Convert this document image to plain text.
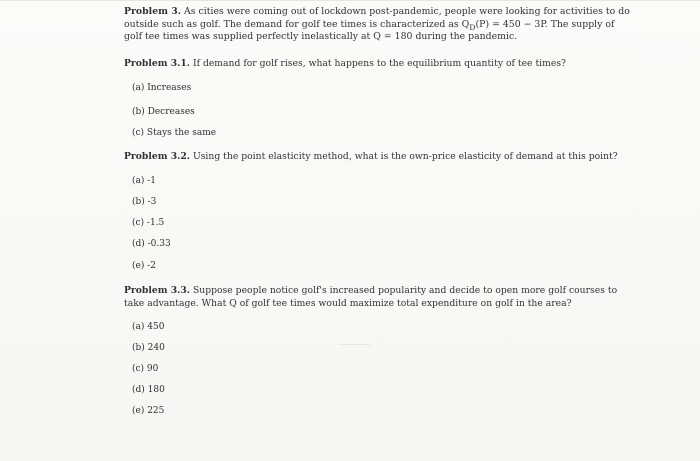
Problem 3. As cities were coming out of lockdown post-pandemic, people were looking for activities to do
outside such as golf. The demand for golf tee times is characterized as $Q_D(P) = 450 - 3P$. The supply of
golf tee times was supplied perfectly inelastically at Q = 180 during the pandemic.
Problem 3.1. If demand for golf rises, what happens to the equilibrium quantity of tee times?
(a) Increases
(b) Decreases
(c) Stays the same
Problem 3.2. Using the point elasticity method, what is the own-price elasticity of demand at this point?
(a) -1
(b) -3
(c) -1.5
(d) -0.33
(e) -2
Problem 3.3. Suppose people notice golf's increased popularity and decide to open more golf courses to
take advantage. What Q of golf tee times would maximize total expenditure on golf in the area?
(a) 450
(b) 240
(c) 90
(d) 180
(e) 225
